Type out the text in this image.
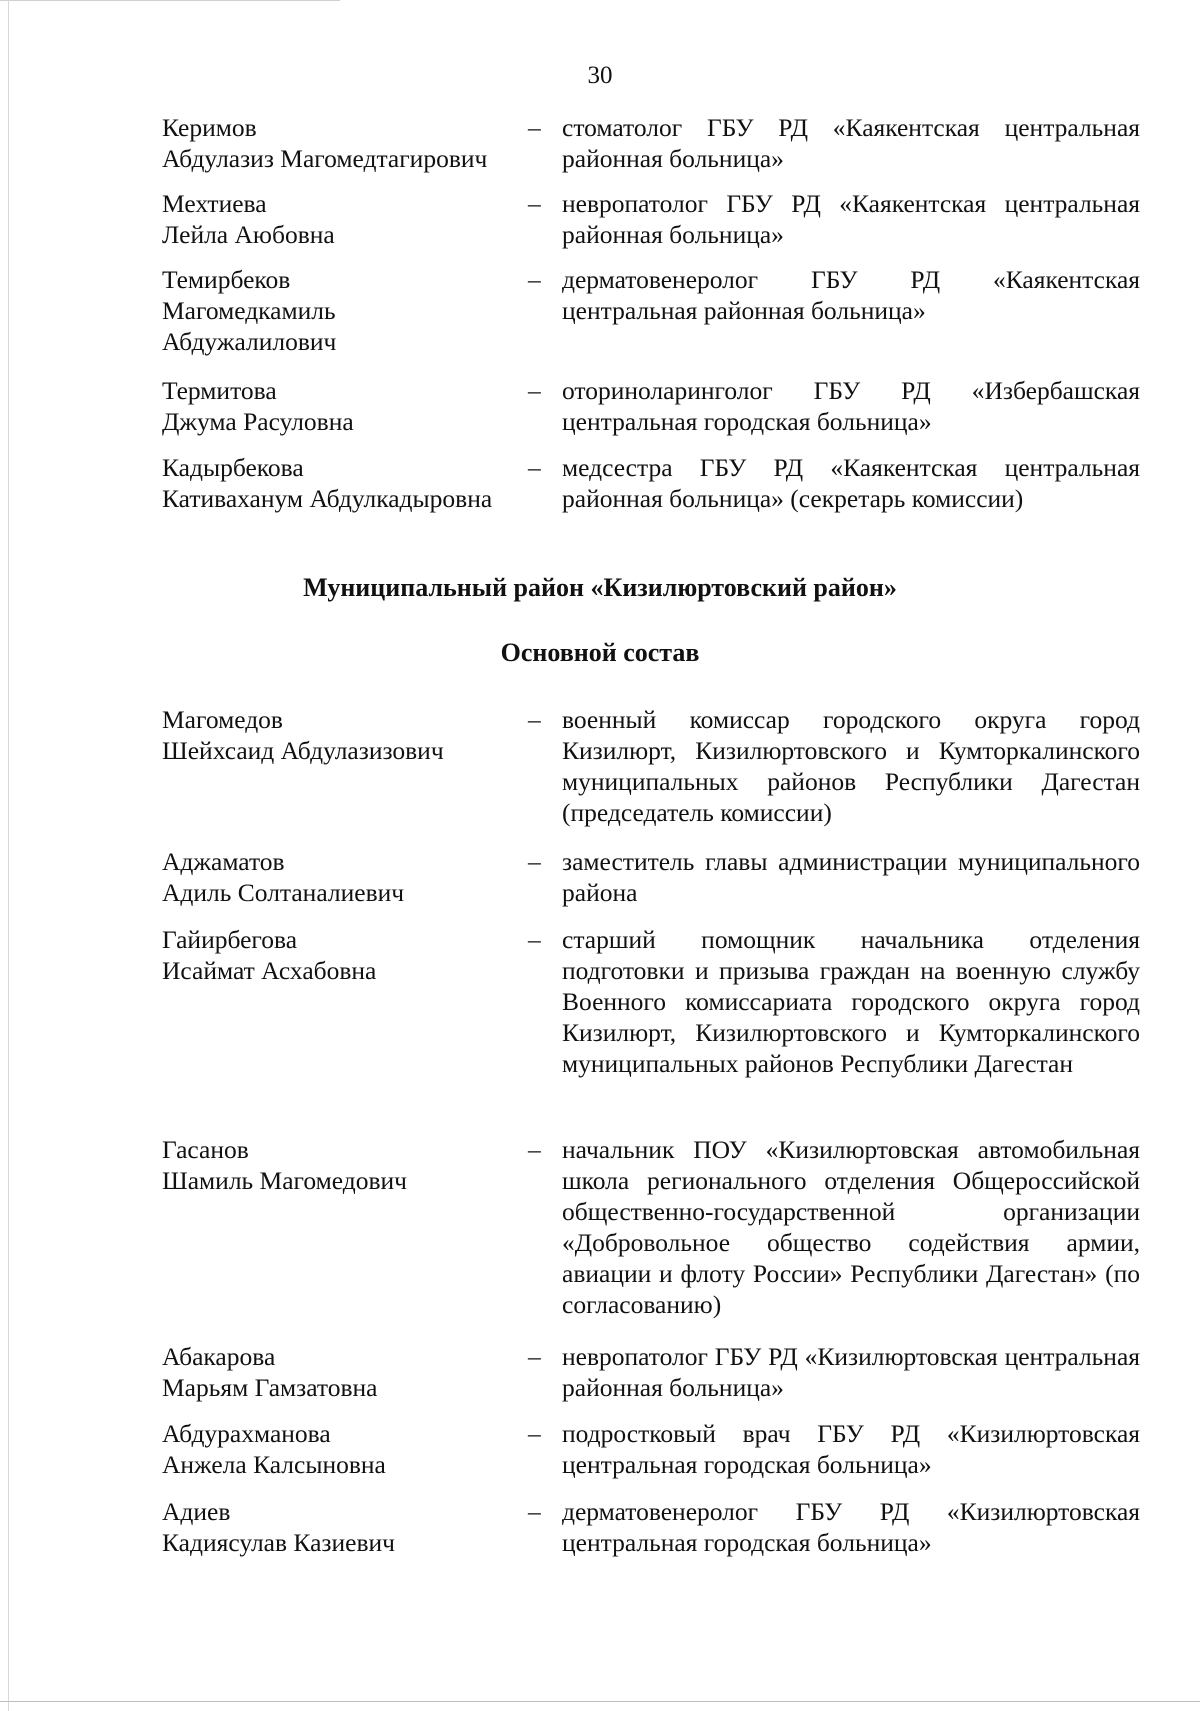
30
Керимов
Абдулазиз Магомедтагирович
– стоматолог ГБУ РД «Каякентская центральная районная больница»
Мехтиева
Лейла Аюбовна
– невропатолог ГБУ РД «Каякентская центральная районная больница»
Темирбеков
Магомедкамиль
Абдужалилович
– дерматовенеролог ГБУ РД «Каякентская центральная районная больница»
Термитова
Джума Расуловна
– оториноларинголог ГБУ РД «Избербашская центральная городская больница»
Кадырбекова
Кативаханум Абдулкадыровна
– медсестра ГБУ РД «Каякентская центральная районная больница» (секретарь комиссии)
Муниципальный район «Кизилюртовский район»
Основной состав
Магомедов
Шейхсаид Абдулазизович
– военный комиссар городского округа город Кизилюрт, Кизилюртовского и Кумторкалинского муниципальных районов Республики Дагестан (председатель комиссии)
Аджаматов
Адиль Солтаналиевич
– заместитель главы администрации муниципального района
Гайирбегова
Исаймат Асхабовна
– старший помощник начальника отделения подготовки и призыва граждан на военную службу Военного комиссариата городского округа город Кизилюрт, Кизилюртовского и Кумторкалинского муниципальных районов Республики Дагестан
Гасанов
Шамиль Магомедович
– начальник ПОУ «Кизилюртовская автомобильная школа регионального отделения Общероссийской общественно-государственной организации «Добровольное общество содействия армии, авиации и флоту России» Республики Дагестан» (по согласованию)
Абакарова
Марьям Гамзатовна
– невропатолог ГБУ РД «Кизилюртовская центральная районная больница»
Абдурахманова
Анжела Калсыновна
– подростковый врач ГБУ РД «Кизилюртовская центральная городская больница»
Адиев
Кадиясулав Казиевич
– дерматовенеролог ГБУ РД «Кизилюртовская центральная городская больница»
